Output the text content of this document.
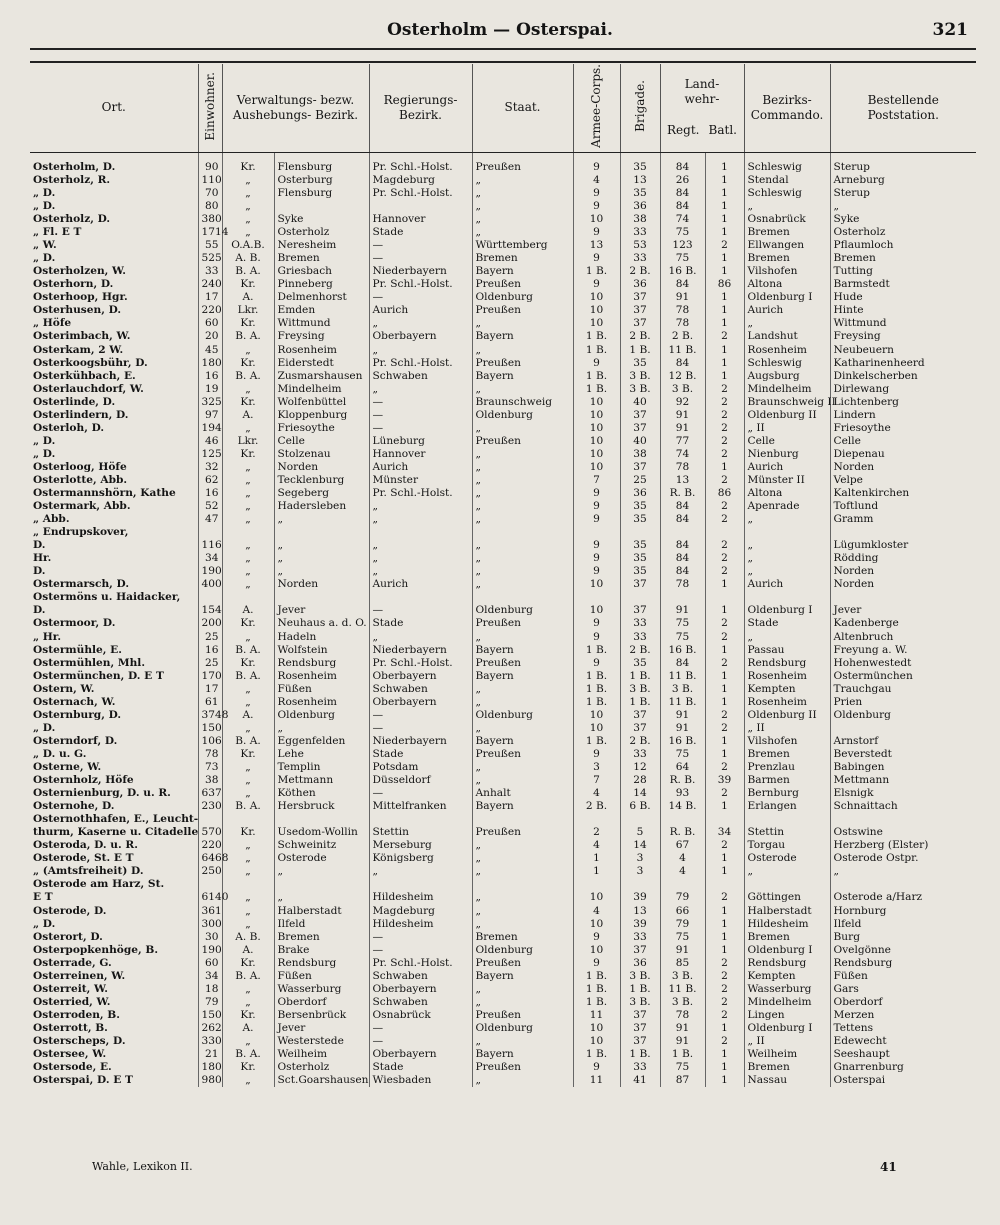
Osterholm — Osterspai.	321
Ort.	Einwohner.	Verwaltungs- bezw. Aushebungs- Bezirk.		Regierungs- Bezirk.	Staat.	Armee-Corps.	Brigade.	Land- wehr-
Regt. Batl.		Bezirks- Commando.	Bestellende Poststation.
Osterholm, D.	90	Kr.	Flensburg	Pr. Schl.-Holst.	Preußen	9	35	84	1	Schleswig	Sterup
Osterholz, R.	110	„	Osterburg	Magdeburg	„	4	13	26	1	Stendal	Arneburg
„ D.	70	„	Flensburg	Pr. Schl.-Holst.	„	9	35	84	1	Schleswig	Sterup
„ D.	80	„			„	9	36	84	1	„	„
Osterholz, D.	380	„	Syke	Hannover	„	10	38	74	1	Osnabrück	Syke
„ Fl. E T	1714	„	Osterholz	Stade	„	9	33	75	1	Bremen	Osterholz
„ W.	55	O.A.B.	Neresheim	—	Württemberg	13	53	123	2	Ellwangen	Pflaumloch
„ D.	525	A. B.	Bremen	—	Bremen	9	33	75	1	Bremen	Bremen
Osterholzen, W.	33	B. A.	Griesbach	Niederbayern	Bayern	1 B.	2 B.	16 B.	1	Vilshofen	Tutting
Osterhorn, D.	240	Kr.	Pinneberg	Pr. Schl.-Holst.	Preußen	9	36	84	86	Altona	Barmstedt
Osterhoop, Hgr.	17	A.	Delmenhorst	—	Oldenburg	10	37	91	1	Oldenburg I	Hude
Osterhusen, D.	220	Lkr.	Emden	Aurich	Preußen	10	37	78	1	Aurich	Hinte
„ Höfe	60	Kr.	Wittmund	„	„	10	37	78	1	„	Wittmund
Osterimbach, W.	20	B. A.	Freysing	Oberbayern	Bayern	1 B.	2 B.	2 B.	2	Landshut	Freysing
Osterkam, 2 W.	45	„	Rosenheim	„	„	1 B.	1 B.	11 B.	1	Rosenheim	Neubeuern
Osterkoogsbühr, D.	180	Kr.	Eiderstedt	Pr. Schl.-Holst.	Preußen	9	35	84	1	Schleswig	Katharinenheerd
Osterkühbach, E.	16	B. A.	Zusmarshausen	Schwaben	Bayern	1 B.	3 B.	12 B.	1	Augsburg	Dinkelscherben
Osterlauchdorf, W.	19	„	Mindelheim	„	„	1 B.	3 B.	3 B.	2	Mindelheim	Dirlewang
Osterlinde, D.	325	Kr.	Wolfenbüttel	—	Braunschweig	10	40	92	2	Braunschweig II	Lichtenberg
Osterlindern, D.	97	A.	Kloppenburg	—	Oldenburg	10	37	91	2	Oldenburg II	Lindern
Osterloh, D.	194	„	Friesoythe	—	„	10	37	91	2	„ II	Friesoythe
„ D.	46	Lkr.	Celle	Lüneburg	Preußen	10	40	77	2	Celle	Celle
„ D.	125	Kr.	Stolzenau	Hannover	„	10	38	74	2	Nienburg	Diepenau
Osterloog, Höfe	32	„	Norden	Aurich	„	10	37	78	1	Aurich	Norden
Osterlotte, Abb.	62	„	Tecklenburg	Münster	„	7	25	13	2	Münster II	Velpe
Ostermannshörn, Kathe	16	„	Segeberg	Pr. Schl.-Holst.	„	9	36	R. B.	86	Altona	Kaltenkirchen
Ostermark, Abb.	52	„	Hadersleben	„	„	9	35	84	2	Apenrade	Toftlund
„ Abb.	47	„	„	„	„	9	35	84	2	„	Gramm
„ Endrupskover,											
D.	116	„	„	„	„	9	35	84	2	„	Lügumkloster
Hr.	34	„	„	„	„	9	35	84	2	„	Rödding
D.	190	„	„	„	„	9	35	84	2	„	Norden
Ostermarsch, D.	400	„	Norden	Aurich	„	10	37	78	1	Aurich	Norden
Ostermöns u. Haidacker,											
D.	154	A.	Jever	—	Oldenburg	10	37	91	1	Oldenburg I	Jever
Ostermoor, D.	200	Kr.	Neuhaus a. d. O.	Stade	Preußen	9	33	75	2	Stade	Kadenberge
„ Hr.	25	„	Hadeln	„	„	9	33	75	2	„	Altenbruch
Ostermühle, E.	16	B. A.	Wolfstein	Niederbayern	Bayern	1 B.	2 B.	16 B.	1	Passau	Freyung a. W.
Ostermühlen, Mhl.	25	Kr.	Rendsburg	Pr. Schl.-Holst.	Preußen	9	35	84	2	Rendsburg	Hohenwestedt
Ostermünchen, D. E T	170	B. A.	Rosenheim	Oberbayern	Bayern	1 B.	1 B.	11 B.	1	Rosenheim	Ostermünchen
Ostern, W.	17	„	Füßen	Schwaben	„	1 B.	3 B.	3 B.	1	Kempten	Trauchgau
Osternach, W.	61	„	Rosenheim	Oberbayern	„	1 B.	1 B.	11 B.	1	Rosenheim	Prien
Osternburg, D.	3748	A.	Oldenburg	—	Oldenburg	10	37	91	2	Oldenburg II	Oldenburg
„ D.	150	„	„	—	„	10	37	91	2	„ II	
Osterndorf, D.	106	B. A.	Eggenfelden	Niederbayern	Bayern	1 B.	2 B.	16 B.	1	Vilshofen	Arnstorf
„ D. u. G.	78	Kr.	Lehe	Stade	Preußen	9	33	75	1	Bremen	Beverstedt
Osterne, W.	73	„	Templin	Potsdam	„	3	12	64	2	Prenzlau	Babingen
Osternholz, Höfe	38	„	Mettmann	Düsseldorf	„	7	28	R. B.	39	Barmen	Mettmann
Osternienburg, D. u. R.	637	„	Köthen	—	Anhalt	4	14	93	2	Bernburg	Elsnigk
Osternohe, D.	230	B. A.	Hersbruck	Mittelfranken	Bayern	2 B.	6 B.	14 B.	1	Erlangen	Schnaittach
Osternothhafen, E., Leucht-											
thurm, Kaserne u. Citadelle	570	Kr.	Usedom-Wollin	Stettin	Preußen	2	5	R. B.	34	Stettin	Ostswine
Osteroda, D. u. R.	220	„	Schweinitz	Merseburg	„	4	14	67	2	Torgau	Herzberg (Elster)
Osterode, St. E T	6468	„	Osterode	Königsberg	„	1	3	4	1	Osterode	Osterode Ostpr.
„ (Amtsfreiheit) D.	250	„	„	„	„	1	3	4	1	„	„
Osterode am Harz, St.											
E T	6140	„	„	Hildesheim	„	10	39	79	2	Göttingen	Osterode a/Harz
Osterode, D.	361	„	Halberstadt	Magdeburg	„	4	13	66	1	Halberstadt	Hornburg
„ D.	300	„	Ilfeld	Hildesheim	„	10	39	79	1	Hildesheim	Ilfeld
Osterort, D.	30	A. B.	Bremen	—	Bremen	9	33	75	1	Bremen	Burg
Osterpopkenhöge, B.	190	A.	Brake	—	Oldenburg	10	37	91	1	Oldenburg I	Ovelgönne
Osterrade, G.	60	Kr.	Rendsburg	Pr. Schl.-Holst.	Preußen	9	36	85	2	Rendsburg	Rendsburg
Osterreinen, W.	34	B. A.	Füßen	Schwaben	Bayern	1 B.	3 B.	3 B.	2	Kempten	Füßen
Osterreit, W.	18	„	Wasserburg	Oberbayern	„	1 B.	1 B.	11 B.	2	Wasserburg	Gars
Osterried, W.	79	„	Oberdorf	Schwaben	„	1 B.	3 B.	3 B.	2	Mindelheim	Oberdorf
Osterroden, B.	150	Kr.	Bersenbrück	Osnabrück	Preußen	11	37	78	2	Lingen	Merzen
Osterrott, B.	262	A.	Jever	—	Oldenburg	10	37	91	1	Oldenburg I	Tettens
Osterscheps, D.	330	„	Westerstede	—	„	10	37	91	2	„ II	Edewecht
Ostersee, W.	21	B. A.	Weilheim	Oberbayern	Bayern	1 B.	1 B.	1 B.	1	Weilheim	Seeshaupt
Ostersode, E.	180	Kr.	Osterholz	Stade	Preußen	9	33	75	1	Bremen	Gnarrenburg
Osterspai, D. E T	980	„	Sct.Goarshausen	Wiesbaden	„	11	41	87	1	Nassau	Osterspai
Wahle, Lexikon II.	41
